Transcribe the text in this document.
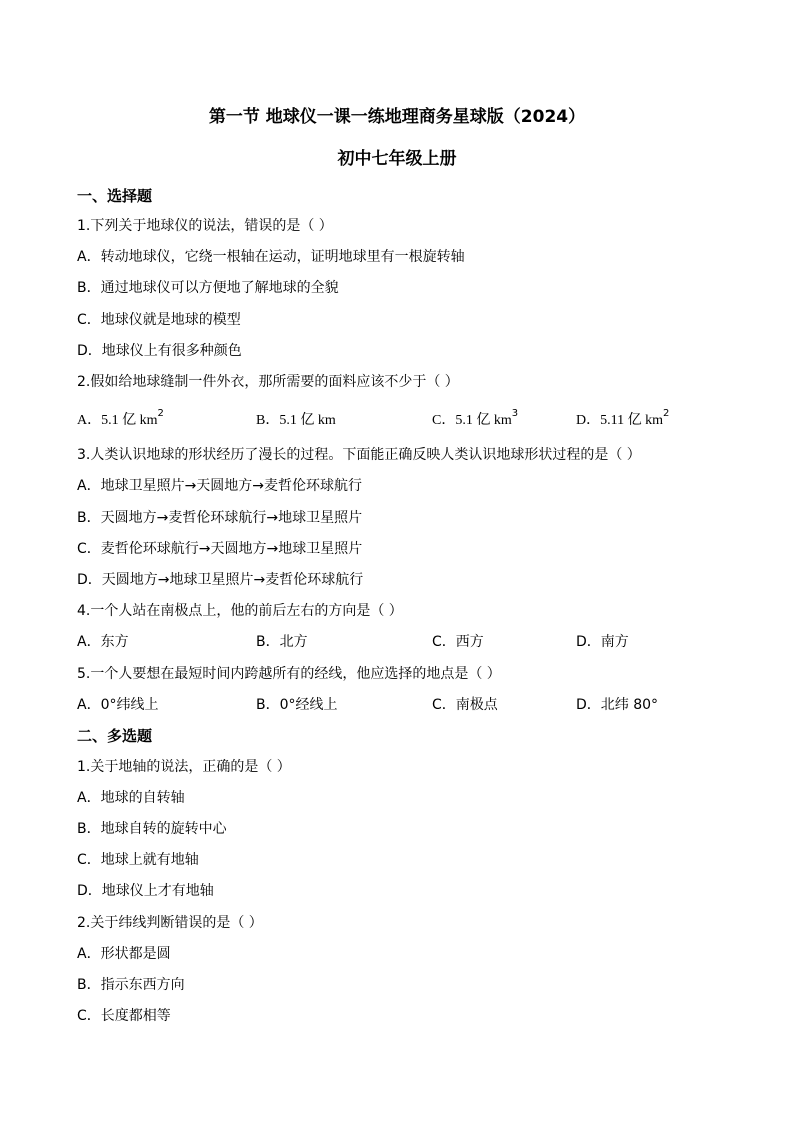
第一节 地球仪一课一练地理商务星球版（2024）
初中七年级上册
一、选择题
1.下列关于地球仪的说法，错误的是（ ）
A．转动地球仪，它绕一根轴在运动，证明地球里有一根旋转轴
B．通过地球仪可以方便地了解地球的全貌
C．地球仪就是地球的模型
D．地球仪上有很多种颜色
2.假如给地球缝制一件外衣，那所需要的面料应该不少于（ ）
A．5.1 亿 $km^2$	B．5.1 亿 km	C．5.1 亿 $km^3$	D．5.11 亿 $km^2$
3.人类认识地球的形状经历了漫长的过程。下面能正确反映人类认识地球形状过程的是（ ）
A．地球卫星照片→天圆地方→麦哲伦环球航行
B．天圆地方→麦哲伦环球航行→地球卫星照片
C．麦哲伦环球航行→天圆地方→地球卫星照片
D．天圆地方→地球卫星照片→麦哲伦环球航行
4.一个人站在南极点上，他的前后左右的方向是（ ）
A．东方	B．北方	C．西方	D．南方
5.一个人要想在最短时间内跨越所有的经线，他应选择的地点是（ ）
A．0°纬线上	B．0°经线上	C．南极点	D．北纬 80°
二、多选题
1.关于地轴的说法，正确的是（ ）
A．地球的自转轴
B．地球自转的旋转中心
C．地球上就有地轴
D．地球仪上才有地轴
2.关于纬线判断错误的是（ ）
A．形状都是圆
B．指示东西方向
C．长度都相等
